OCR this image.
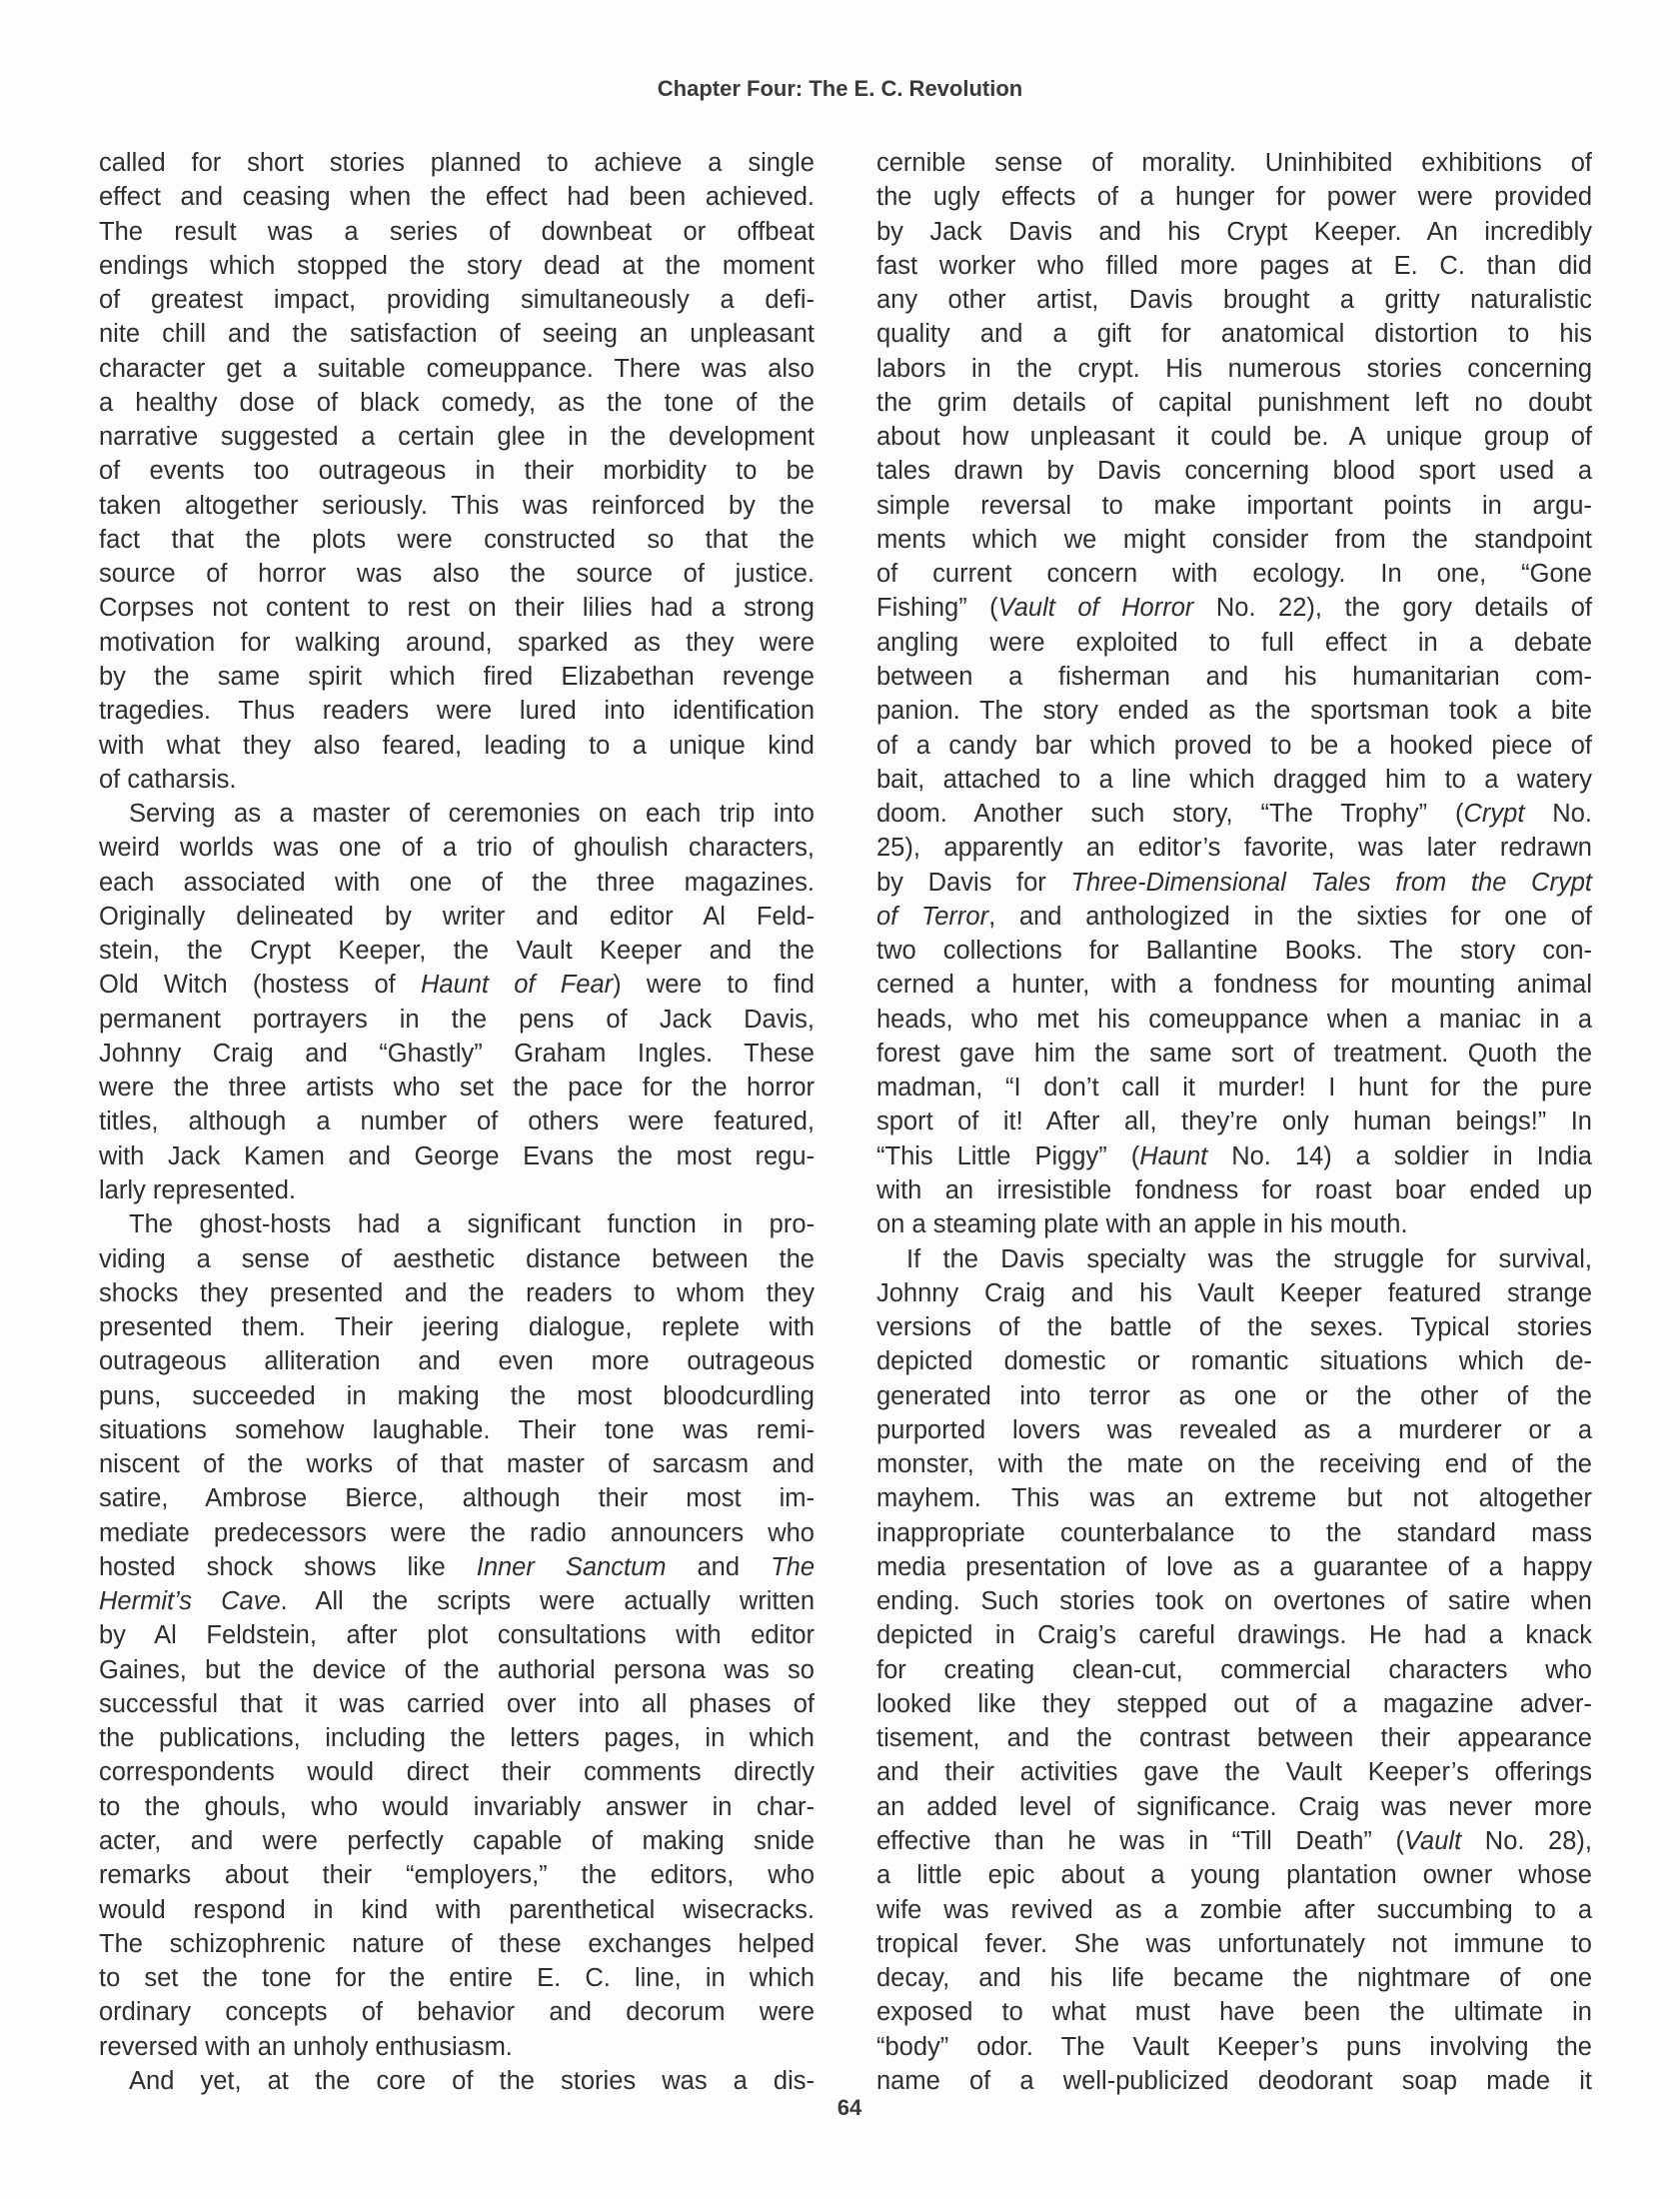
Chapter Four: The E. C. Revolution
called for short stories planned to achieve a single
effect and ceasing when the effect had been achieved.
The result was a series of downbeat or offbeat
endings which stopped the story dead at the moment
of greatest impact, providing simultaneously a defi-
nite chill and the satisfaction of seeing an unpleasant
character get a suitable comeuppance. There was also
a healthy dose of black comedy, as the tone of the
narrative suggested a certain glee in the development
of events too outrageous in their morbidity to be
taken altogether seriously. This was reinforced by the
fact that the plots were constructed so that the
source of horror was also the source of justice.
Corpses not content to rest on their lilies had a strong
motivation for walking around, sparked as they were
by the same spirit which fired Elizabethan revenge
tragedies. Thus readers were lured into identification
with what they also feared, leading to a unique kind
of catharsis.
Serving as a master of ceremonies on each trip into
weird worlds was one of a trio of ghoulish characters,
each associated with one of the three magazines.
Originally delineated by writer and editor Al Feld-
stein, the Crypt Keeper, the Vault Keeper and the
Old Witch (hostess of Haunt of Fear) were to find
permanent portrayers in the pens of Jack Davis,
Johnny Craig and “Ghastly” Graham Ingles. These
were the three artists who set the pace for the horror
titles, although a number of others were featured,
with Jack Kamen and George Evans the most regu-
larly represented.
The ghost-hosts had a significant function in pro-
viding a sense of aesthetic distance between the
shocks they presented and the readers to whom they
presented them. Their jeering dialogue, replete with
outrageous alliteration and even more outrageous
puns, succeeded in making the most bloodcurdling
situations somehow laughable. Their tone was remi-
niscent of the works of that master of sarcasm and
satire, Ambrose Bierce, although their most im-
mediate predecessors were the radio announcers who
hosted shock shows like Inner Sanctum and The
Hermit’s Cave. All the scripts were actually written
by Al Feldstein, after plot consultations with editor
Gaines, but the device of the authorial persona was so
successful that it was carried over into all phases of
the publications, including the letters pages, in which
correspondents would direct their comments directly
to the ghouls, who would invariably answer in char-
acter, and were perfectly capable of making snide
remarks about their “employers,” the editors, who
would respond in kind with parenthetical wisecracks.
The schizophrenic nature of these exchanges helped
to set the tone for the entire E. C. line, in which
ordinary concepts of behavior and decorum were
reversed with an unholy enthusiasm.
And yet, at the core of the stories was a dis-
cernible sense of morality. Uninhibited exhibitions of
the ugly effects of a hunger for power were provided
by Jack Davis and his Crypt Keeper. An incredibly
fast worker who filled more pages at E. C. than did
any other artist, Davis brought a gritty naturalistic
quality and a gift for anatomical distortion to his
labors in the crypt. His numerous stories concerning
the grim details of capital punishment left no doubt
about how unpleasant it could be. A unique group of
tales drawn by Davis concerning blood sport used a
simple reversal to make important points in argu-
ments which we might consider from the standpoint
of current concern with ecology. In one, “Gone
Fishing” (Vault of Horror No. 22), the gory details of
angling were exploited to full effect in a debate
between a fisherman and his humanitarian com-
panion. The story ended as the sportsman took a bite
of a candy bar which proved to be a hooked piece of
bait, attached to a line which dragged him to a watery
doom. Another such story, “The Trophy” (Crypt No.
25), apparently an editor’s favorite, was later redrawn
by Davis for Three-Dimensional Tales from the Crypt
of Terror, and anthologized in the sixties for one of
two collections for Ballantine Books. The story con-
cerned a hunter, with a fondness for mounting animal
heads, who met his comeuppance when a maniac in a
forest gave him the same sort of treatment. Quoth the
madman, “I don’t call it murder! I hunt for the pure
sport of it! After all, they’re only human beings!” In
“This Little Piggy” (Haunt No. 14) a soldier in India
with an irresistible fondness for roast boar ended up
on a steaming plate with an apple in his mouth.
If the Davis specialty was the struggle for survival,
Johnny Craig and his Vault Keeper featured strange
versions of the battle of the sexes. Typical stories
depicted domestic or romantic situations which de-
generated into terror as one or the other of the
purported lovers was revealed as a murderer or a
monster, with the mate on the receiving end of the
mayhem. This was an extreme but not altogether
inappropriate counterbalance to the standard mass
media presentation of love as a guarantee of a happy
ending. Such stories took on overtones of satire when
depicted in Craig’s careful drawings. He had a knack
for creating clean-cut, commercial characters who
looked like they stepped out of a magazine adver-
tisement, and the contrast between their appearance
and their activities gave the Vault Keeper’s offerings
an added level of significance. Craig was never more
effective than he was in “Till Death” (Vault No. 28),
a little epic about a young plantation owner whose
wife was revived as a zombie after succumbing to a
tropical fever. She was unfortunately not immune to
decay, and his life became the nightmare of one
exposed to what must have been the ultimate in
“body” odor. The Vault Keeper’s puns involving the
name of a well-publicized deodorant soap made it
64
